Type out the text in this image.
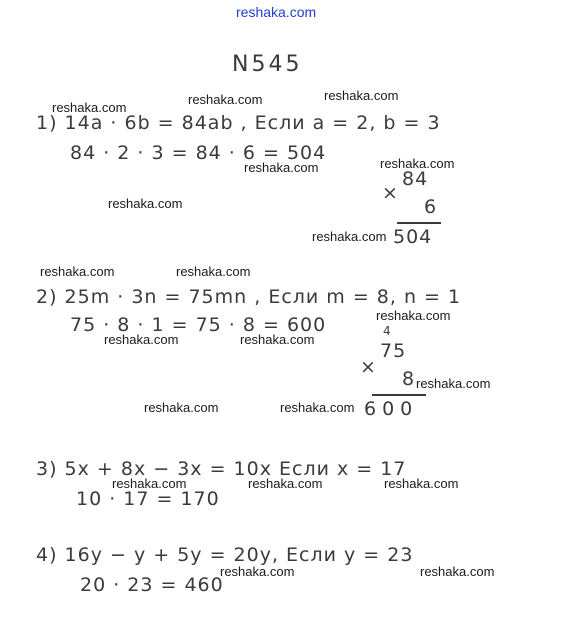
reshaka.com
N545
1) 14a · 6b = 84ab , Если a = 2, b = 3
84 · 2 · 3 = 84 · 6 = 504
×
84
6
504
2) 25m · 3n = 75mn , Если m = 8, n = 1
75 · 8 · 1 = 75 · 8 = 600	4
×
75
8
600
3) 5x + 8x − 3x = 10x Если x = 17
10 · 17 = 170
4) 16y − y + 5y = 20y, Если y = 23
20 · 23 = 460
reshaka.com
reshaka.com	reshaka.com
reshaka.com
reshaka.com
reshaka.com
reshaka.com
reshaka.com	reshaka.com
reshaka.com
reshaka.com	reshaka.com
reshaka.com
reshaka.com	reshaka.com
reshaka.com	reshaka.com	reshaka.com
reshaka.com	reshaka.com
